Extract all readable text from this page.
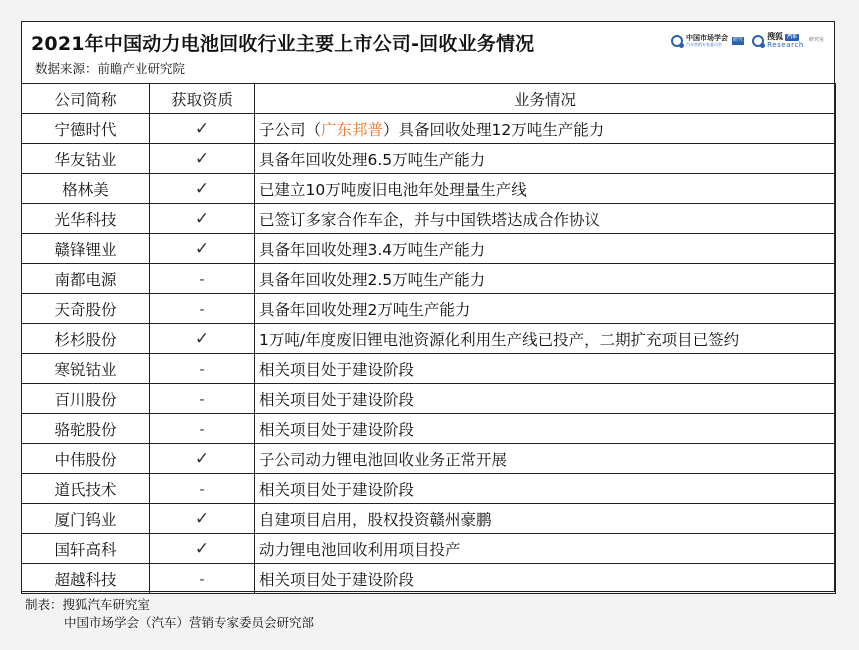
2021年中国动力电池回收行业主要上市公司-回收业务情况
数据来源：前瞻产业研究院
中国市场学会
汽车营销专家委员会
研究	搜狐 汽车
Research
研究室
公司简称	获取资质	业务情况
宁德时代	✓	子公司（广东邦普）具备回收处理12万吨生产能力
华友钴业	✓	具备年回收处理6.5万吨生产能力
格林美	✓	已建立10万吨废旧电池年处理量生产线
光华科技	✓	已签订多家合作车企，并与中国铁塔达成合作协议
赣锋锂业	✓	具备年回收处理3.4万吨生产能力
南都电源	-	具备年回收处理2.5万吨生产能力
天奇股份	-	具备年回收处理2万吨生产能力
杉杉股份	✓	1万吨/年度废旧锂电池资源化利用生产线已投产，二期扩充项目已签约
寒锐钴业	-	相关项目处于建设阶段
百川股份	-	相关项目处于建设阶段
骆驼股份	-	相关项目处于建设阶段
中伟股份	✓	子公司动力锂电池回收业务正常开展
道氏技术	-	相关项目处于建设阶段
厦门钨业	✓	自建项目启用，股权投资赣州豪鹏
国轩高科	✓	动力锂电池回收利用项目投产
超越科技	-	相关项目处于建设阶段
制表：搜狐汽车研究室
中国市场学会（汽车）营销专家委员会研究部
